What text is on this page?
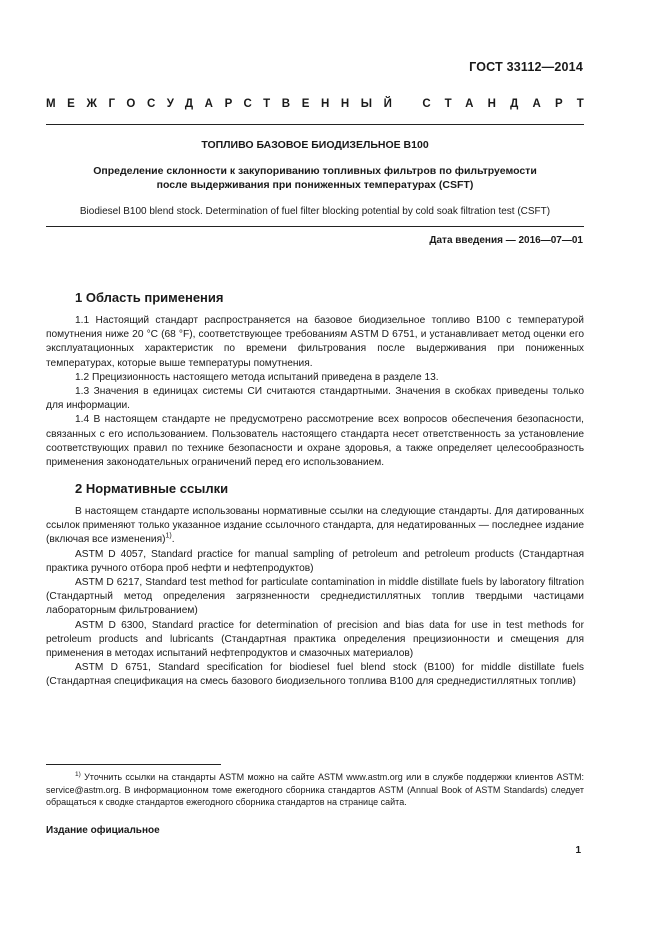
ГОСТ 33112—2014
МЕЖГОСУДАРСТВЕННЫЙ СТАНДАРТ
ТОПЛИВО БАЗОВОЕ БИОДИЗЕЛЬНОЕ B100
Определение склонности к закупориванию топливных фильтров по фильтруемости
после выдерживания при пониженных температурах (CSFT)
Biodiesel B100 blend stock. Determination of fuel filter blocking potential by cold soak filtration test (CSFT)
Дата введения — 2016—07—01
1 Область применения

1.1 Настоящий стандарт распространяется на базовое биодизельное топливо B100 с температурой помутнения ниже 20 °С (68 °F), соответствующее требованиям ASTM D 6751, и устанавливает метод оценки его эксплуатационных характеристик по времени фильтрования после выдерживания при пониженных температурах, которые выше температуры помутнения.

1.2 Прецизионность настоящего метода испытаний приведена в разделе 13.

1.3 Значения в единицах системы СИ считаются стандартными. Значения в скобках приведены только для информации.

1.4 В настоящем стандарте не предусмотрено рассмотрение всех вопросов обеспечения безопасности, связанных с его использованием. Пользователь настоящего стандарта несет ответственность за установление соответствующих правил по технике безопасности и охране здоровья, а также определяет целесообразность применения законодательных ограничений перед его использованием.

2 Нормативные ссылки

В настоящем стандарте использованы нормативные ссылки на следующие стандарты. Для датированных ссылок применяют только указанное издание ссылочного стандарта, для недатированных — последнее издание (включая все изменения)$^{1)}$.

ASTM D 4057, Standard practice for manual sampling of petroleum and petroleum products (Стандартная практика ручного отбора проб нефти и нефтепродуктов)

ASTM D 6217, Standard test method for particulate contamination in middle distillate fuels by laboratory filtration (Стандартный метод определения загрязненности среднедистиллятных топлив твердыми частицами лабораторным фильтрованием)

ASTM D 6300, Standard practice for determination of precision and bias data for use in test methods for petroleum products and lubricants (Стандартная практика определения прецизионности и смещения для применения в методах испытаний нефтепродуктов и смазочных материалов)

ASTM D 6751, Standard specification for biodiesel fuel blend stock (B100) for middle distillate fuels (Стандартная спецификация на смесь базового биодизельного топлива B100 для среднедистиллятных топлив)

$^{1)}$ Уточнить ссылки на стандарты ASTM можно на сайте ASTM www.astm.org или в службе поддержки клиентов ASTM: service@astm.org. В информационном томе ежегодного сборника стандартов ASTM (Annual Book of ASTM Standards) следует обращаться к сводке стандартов ежегодного сборника стандартов на странице сайта.
Издание официальное
1
